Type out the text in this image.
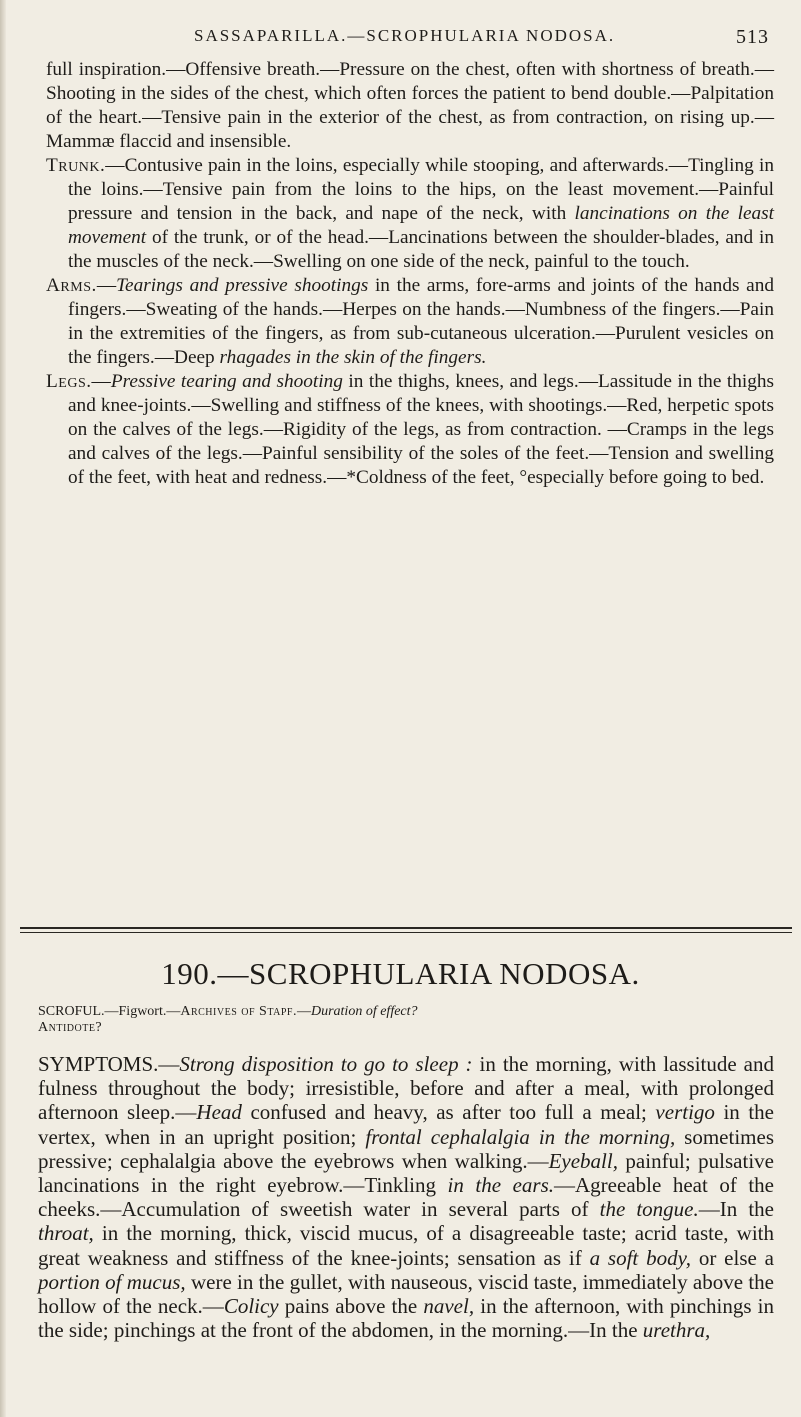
SASSAPARILLA.—SCROPHULARIA NODOSA.	513

full inspiration.—Offensive breath.—Pressure on the chest, often with shortness of breath.—Shooting in the sides of the chest, which often forces the patient to bend double.—Palpitation of the heart.—Tensive pain in the exterior of the chest, as from contraction, on rising up.—Mammæ flaccid and insensible.

Trunk.—Contusive pain in the loins, especially while stooping, and afterwards.—Tingling in the loins.—Tensive pain from the loins to the hips, on the least movement.—Painful pressure and tension in the back, and nape of the neck, with lancinations on the least movement of the trunk, or of the head.—Lancinations between the shoulder-blades, and in the muscles of the neck.—Swelling on one side of the neck, painful to the touch.

Arms.—Tearings and pressive shootings in the arms, fore-arms and joints of the hands and fingers.—Sweating of the hands.—Herpes on the hands.—Numbness of the fingers.—Pain in the extremities of the fingers, as from sub-cutaneous ulceration.—Purulent vesicles on the fingers.—Deep rhagades in the skin of the fingers.

Legs.—Pressive tearing and shooting in the thighs, knees, and legs.—Lassitude in the thighs and knee-joints.—Swelling and stiffness of the knees, with shootings.—Red, herpetic spots on the calves of the legs.—Rigidity of the legs, as from contraction. —Cramps in the legs and calves of the legs.—Painful sensibility of the soles of the feet.—Tension and swelling of the feet, with heat and redness.—*Coldness of the feet, °especially before going to bed.

190.—SCROPHULARIA NODOSA.
SCROFUL.—Figwort.—Archives of Stapf.—Duration of effect?
Antidote?

SYMPTOMS.—Strong disposition to go to sleep : in the morning, with lassitude and fulness throughout the body; irresistible, before and after a meal, with prolonged afternoon sleep.—Head confused and heavy, as after too full a meal; vertigo in the vertex, when in an upright position; frontal cephalalgia in the morning, sometimes pressive; cephalalgia above the eyebrows when walking.—Eyeball, painful; pulsative lancinations in the right eyebrow.—Tinkling in the ears.—Agreeable heat of the cheeks.—Accumulation of sweetish water in several parts of the tongue.—In the throat, in the morning, thick, viscid mucus, of a disagreeable taste; acrid taste, with great weakness and stiffness of the knee-joints; sensation as if a soft body, or else a portion of mucus, were in the gullet, with nauseous, viscid taste, immediately above the hollow of the neck.—Colicy pains above the navel, in the afternoon, with pinchings in the side; pinchings at the front of the abdomen, in the morning.—In the urethra,
